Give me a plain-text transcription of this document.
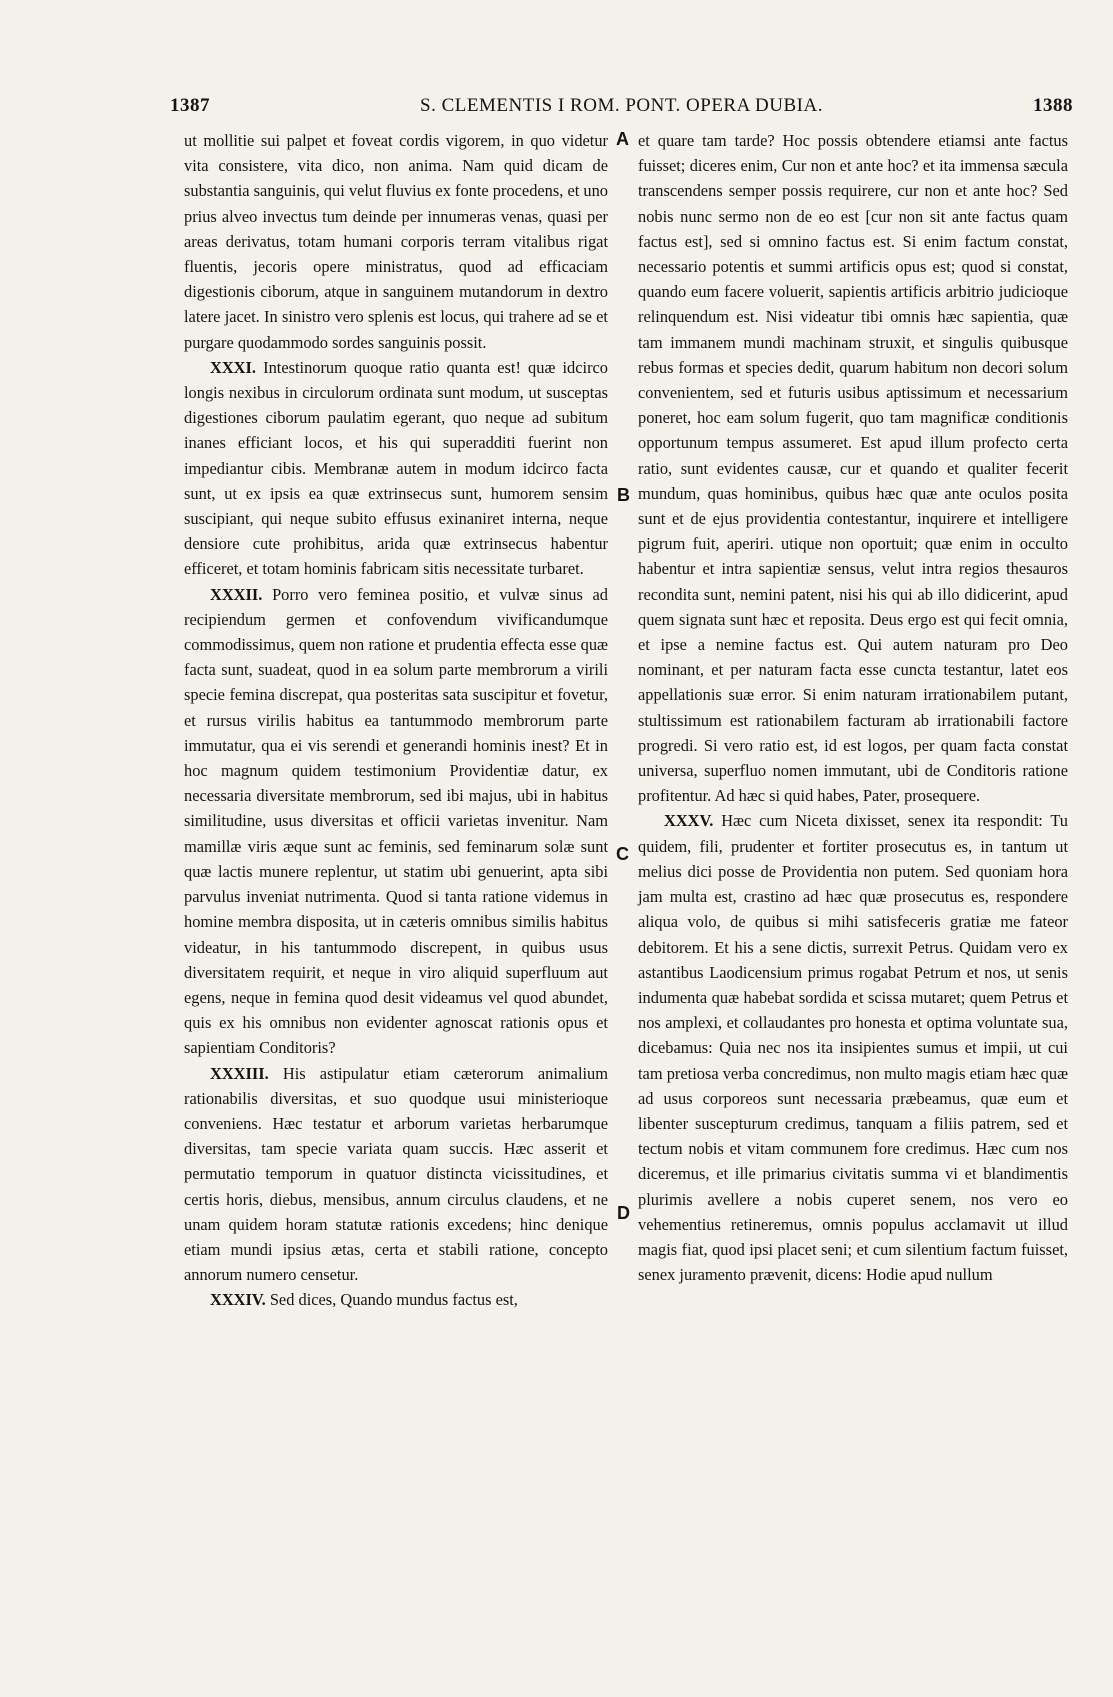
1387	S. CLEMENTIS I ROM. PONT. OPERA DUBIA.	1388

ut mollitie sui palpet et foveat cordis vigorem, in quo videtur vita consistere, vita dico, non anima. Nam quid dicam de substantia sanguinis, qui velut fluvius ex fonte procedens, et uno prius alveo invectus tum deinde per innumeras venas, quasi per areas derivatus, totam humani corporis terram vitalibus rigat fluentis, jecoris opere ministratus, quod ad efficaciam digestionis ciborum, atque in sanguinem mutandorum in dextro latere jacet. In sinistro vero splenis est locus, qui trahere ad se et purgare quodammodo sordes sanguinis possit.

XXXI. Intestinorum quoque ratio quanta est! quæ idcirco longis nexibus in circulorum ordinata sunt modum, ut susceptas digestiones ciborum paulatim egerant, quo neque ad subitum inanes efficiant locos, et his qui superadditi fuerint non impediantur cibis. Membranæ autem in modum idcirco facta sunt, ut ex ipsis ea quæ extrinsecus sunt, humorem sensim suscipiant, qui neque subito effusus exinaniret interna, neque densiore cute prohibitus, arida quæ extrinsecus habentur efficeret, et totam hominis fabricam sitis necessitate turbaret.

XXXII. Porro vero feminea positio, et vulvæ sinus ad recipiendum germen et confovendum vivificandumque commodissimus, quem non ratione et prudentia effecta esse quæ facta sunt, suadeat, quod in ea solum parte membrorum a virili specie femina discrepat, qua posteritas sata suscipitur et fovetur, et rursus virilis habitus ea tantummodo membrorum parte immutatur, qua ei vis serendi et generandi hominis inest? Et in hoc magnum quidem testimonium Providentiæ datur, ex necessaria diversitate membrorum, sed ibi majus, ubi in habitus similitudine, usus diversitas et officii varietas invenitur. Nam mamillæ viris æque sunt ac feminis, sed feminarum solæ sunt quæ lactis munere replentur, ut statim ubi genuerint, apta sibi parvulus inveniat nutrimenta. Quod si tanta ratione videmus in homine membra disposita, ut in cæteris omnibus similis habitus videatur, in his tantummodo discrepent, in quibus usus diversitatem requirit, et neque in viro aliquid superfluum aut egens, neque in femina quod desit videamus vel quod abundet, quis ex his omnibus non evidenter agnoscat rationis opus et sapientiam Conditoris?

XXXIII. His astipulatur etiam cæterorum animalium rationabilis diversitas, et suo quodque usui ministerioque conveniens. Hæc testatur et arborum varietas herbarumque diversitas, tam specie variata quam succis. Hæc asserit et permutatio temporum in quatuor distincta vicissitudines, et certis horis, diebus, mensibus, annum circulus claudens, et ne unam quidem horam statutæ rationis excedens; hinc denique etiam mundi ipsius ætas, certa et stabili ratione, concepto annorum numero censetur.

XXXIV. Sed dices, Quando mundus factus est,

et quare tam tarde? Hoc possis obtendere etiamsi ante factus fuisset; diceres enim, Cur non et ante hoc? et ita immensa sæcula transcendens semper possis requirere, cur non et ante hoc? Sed nobis nunc sermo non de eo est [cur non sit ante factus quam factus est], sed si omnino factus est. Si enim factum constat, necessario potentis et summi artificis opus est; quod si constat, quando eum facere voluerit, sapientis artificis arbitrio judicioque relinquendum est. Nisi videatur tibi omnis hæc sapientia, quæ tam immanem mundi machinam struxit, et singulis quibusque rebus formas et species dedit, quarum habitum non decori solum convenientem, sed et futuris usibus aptissimum et necessarium poneret, hoc eam solum fugerit, quo tam magnificæ conditionis opportunum tempus assumeret. Est apud illum profecto certa ratio, sunt evidentes causæ, cur et quando et qualiter fecerit mundum, quas hominibus, quibus hæc quæ ante oculos posita sunt et de ejus providentia contestantur, inquirere et intelligere pigrum fuit, aperiri. utique non oportuit; quæ enim in occulto habentur et intra sapientiæ sensus, velut intra regios thesauros recondita sunt, nemini patent, nisi his qui ab illo didicerint, apud quem signata sunt hæc et reposita. Deus ergo est qui fecit omnia, et ipse a nemine factus est. Qui autem naturam pro Deo nominant, et per naturam facta esse cuncta testantur, latet eos appellationis suæ error. Si enim naturam irrationabilem putant, stultissimum est rationabilem facturam ab irrationabili factore progredi. Si vero ratio est, id est logos, per quam facta constat universa, superfluo nomen immutant, ubi de Conditoris ratione profitentur. Ad hæc si quid habes, Pater, prosequere.

XXXV. Hæc cum Niceta dixisset, senex ita respondit: Tu quidem, fili, prudenter et fortiter prosecutus es, in tantum ut melius dici posse de Providentia non putem. Sed quoniam hora jam multa est, crastino ad hæc quæ prosecutus es, respondere aliqua volo, de quibus si mihi satisfeceris gratiæ me fateor debitorem. Et his a sene dictis, surrexit Petrus. Quidam vero ex astantibus Laodicensium primus rogabat Petrum et nos, ut senis indumenta quæ habebat sordida et scissa mutaret; quem Petrus et nos amplexi, et collaudantes pro honesta et optima voluntate sua, dicebamus: Quia nec nos ita insipientes sumus et impii, ut cui tam pretiosa verba concredimus, non multo magis etiam hæc quæ ad usus corporeos sunt necessaria præbeamus, quæ eum et libenter suscepturum credimus, tanquam a filiis patrem, sed et tectum nobis et vitam communem fore credimus. Hæc cum nos diceremus, et ille primarius civitatis summa vi et blandimentis plurimis avellere a nobis cuperet senem, nos vero eo vehementius retineremus, omnis populus acclamavit ut illud magis fiat, quod ipsi placet seni; et cum silentium factum fuisset, senex juramento prævenit, dicens: Hodie apud nullum

A
B
C
D
